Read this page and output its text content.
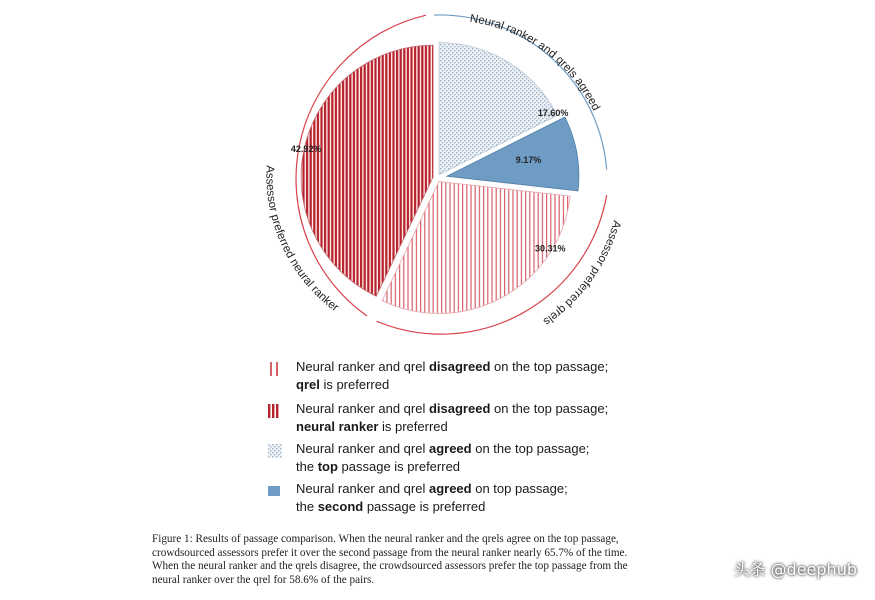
Neural ranker and qrels agreed
Assessor preferred qrels
Assessor preferred neural ranker
17.60%
9.17%
30.31%
42.92%
Neural ranker and qrel disagreed on the top passage;
qrel is preferred
Neural ranker and qrel disagreed on the top passage;
neural ranker is preferred
Neural ranker and qrel agreed on the top passage;
the top passage is preferred
Neural ranker and qrel agreed on top passage;
the second passage is preferred
Figure 1: Results of passage comparison. When the neural ranker and the qrels agree on the top passage,
crowdsourced assessors prefer it over the second passage from the neural ranker nearly 65.7% of the time.
When the neural ranker and the qrels disagree, the crowdsourced assessors prefer the top passage from the
neural ranker over the qrel for 58.6% of the pairs.
头条 @deephub
